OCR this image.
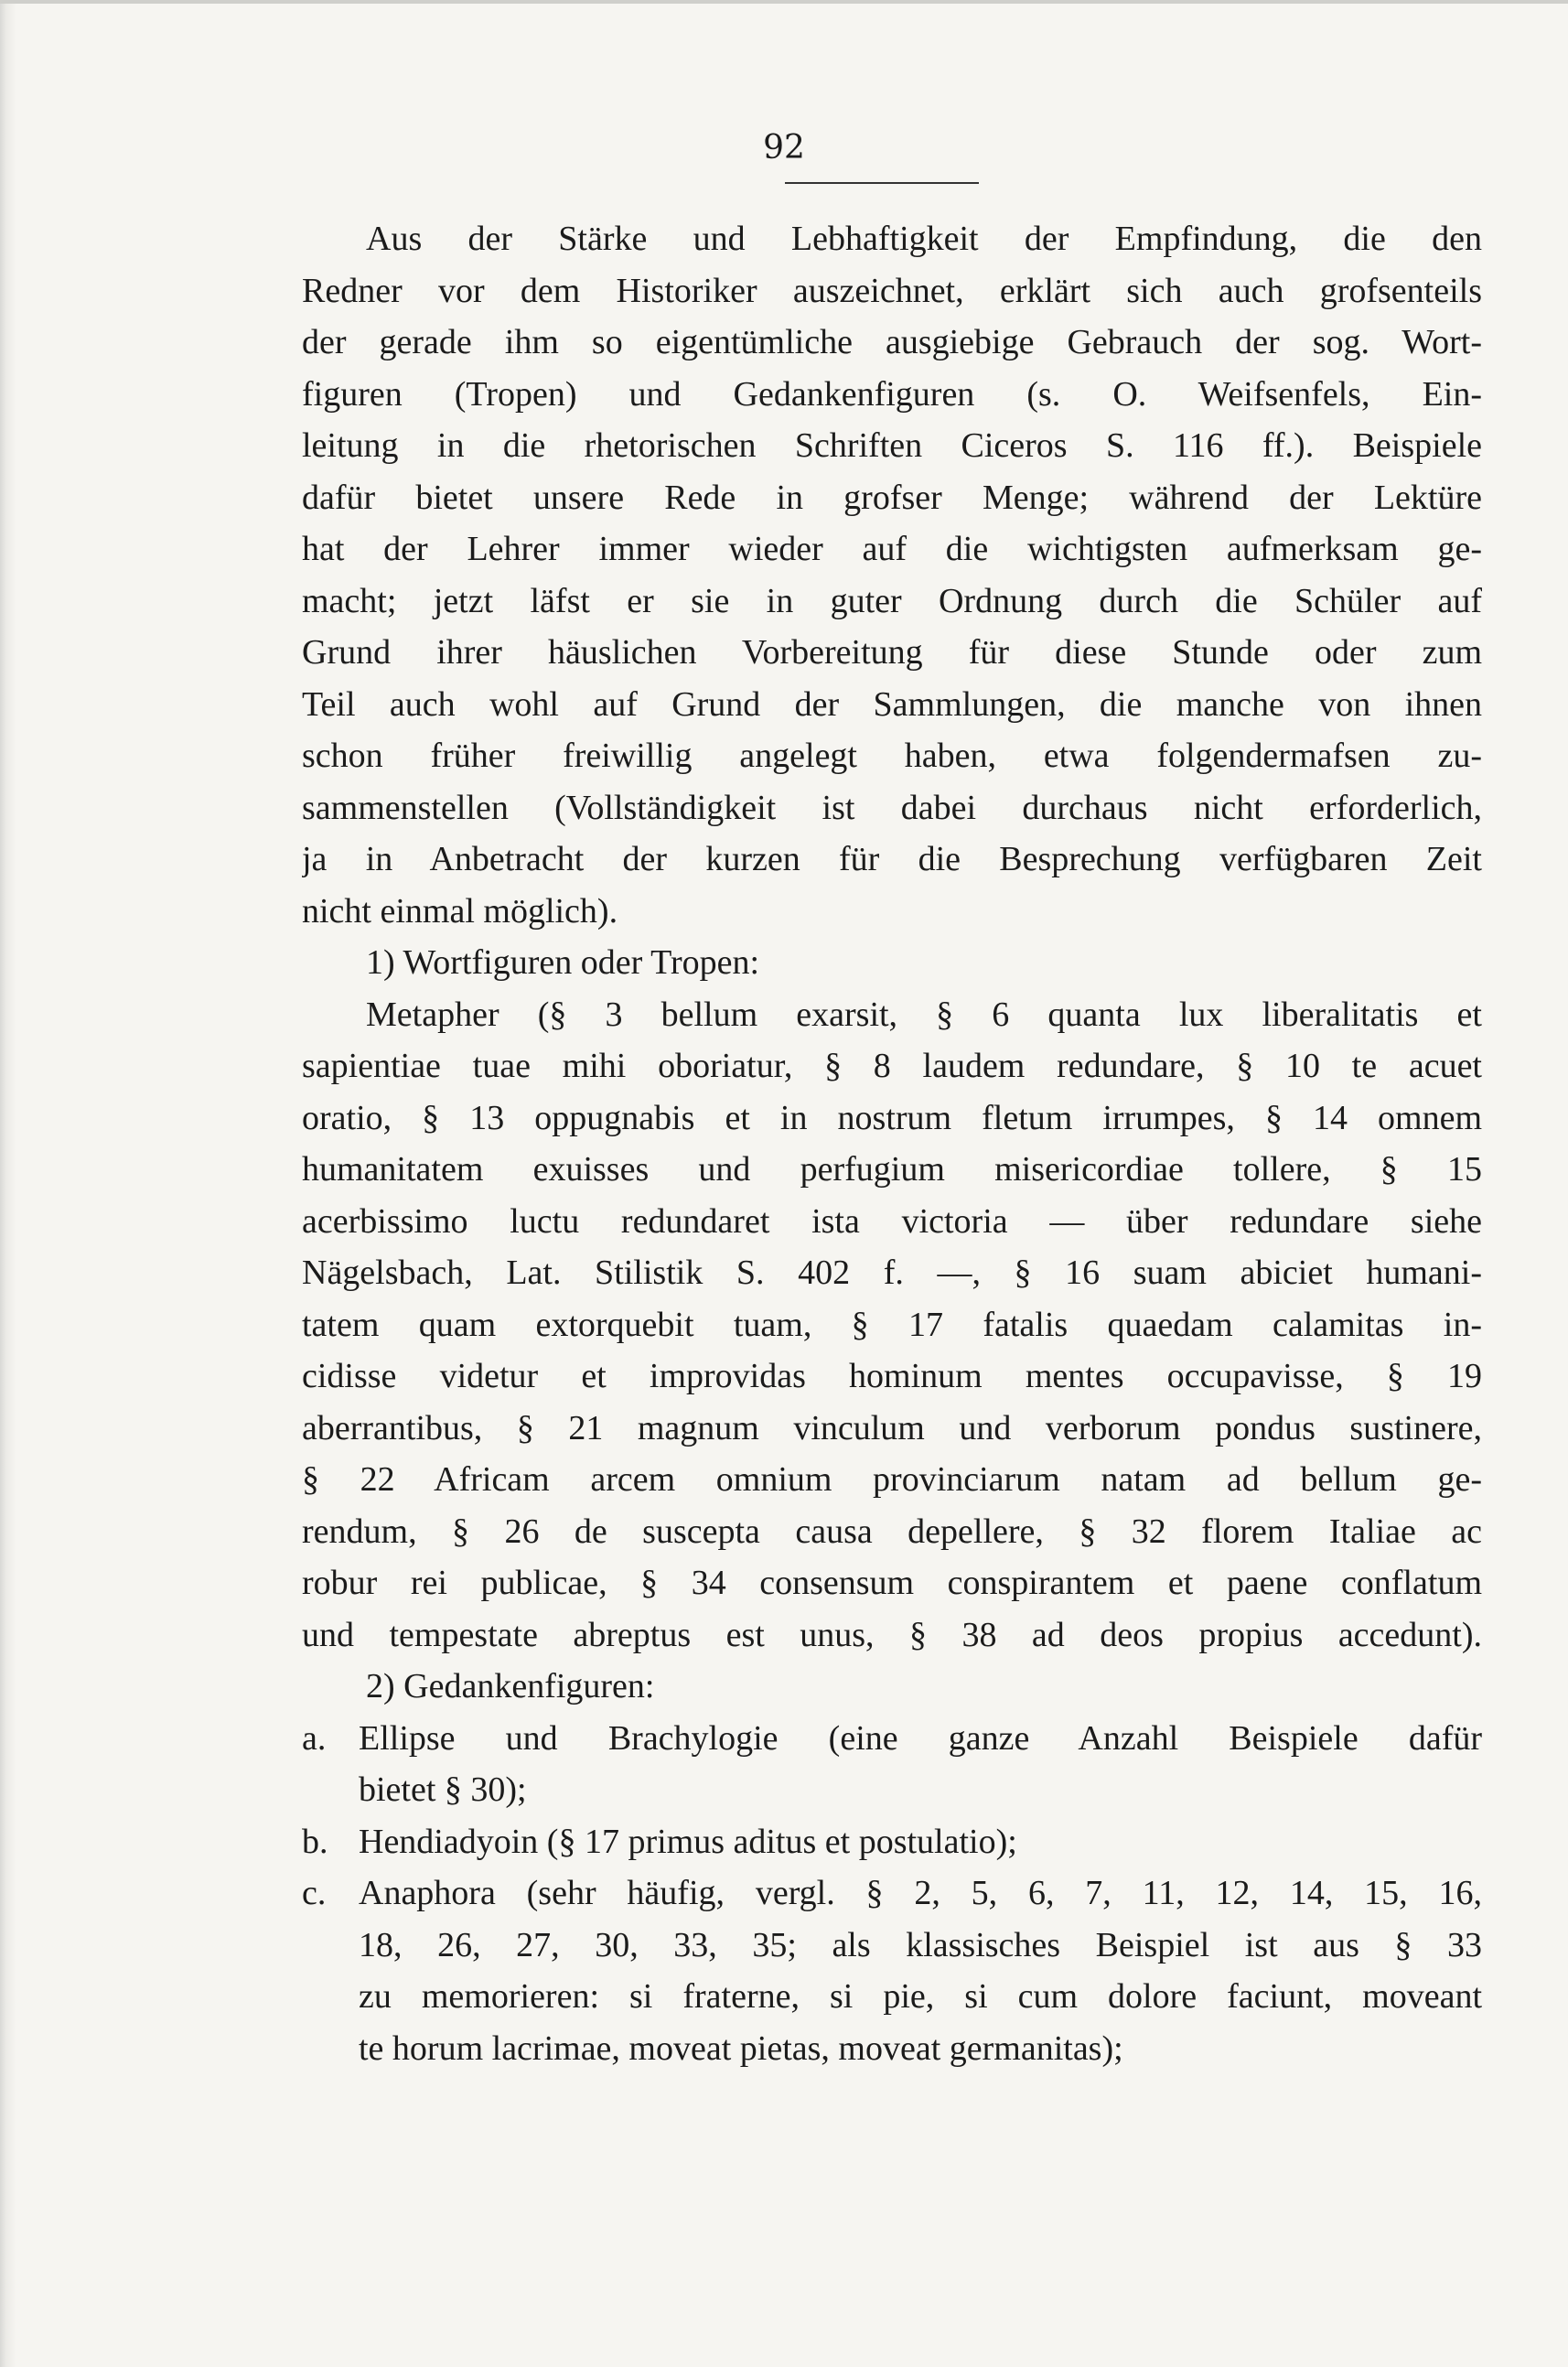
92
Aus der Stärke und Lebhaftigkeit der Empfindung, die den
Redner vor dem Historiker auszeichnet, erklärt sich auch grofsenteils
der gerade ihm so eigentümliche ausgiebige Gebrauch der sog. Wort-
figuren (Tropen) und Gedankenfiguren (s. O. Weifsenfels, Ein-
leitung in die rhetorischen Schriften Ciceros S. 116 ff.). Beispiele
dafür bietet unsere Rede in grofser Menge; während der Lektüre
hat der Lehrer immer wieder auf die wichtigsten aufmerksam ge-
macht; jetzt läfst er sie in guter Ordnung durch die Schüler auf
Grund ihrer häuslichen Vorbereitung für diese Stunde oder zum
Teil auch wohl auf Grund der Sammlungen, die manche von ihnen
schon früher freiwillig angelegt haben, etwa folgendermafsen zu-
sammenstellen (Vollständigkeit ist dabei durchaus nicht erforderlich,
ja in Anbetracht der kurzen für die Besprechung verfügbaren Zeit
nicht einmal möglich).
1) Wortfiguren oder Tropen:
Metapher (§ 3 bellum exarsit, § 6 quanta lux liberalitatis et
sapientiae tuae mihi oboriatur, § 8 laudem redundare, § 10 te acuet
oratio, § 13 oppugnabis et in nostrum fletum irrumpes, § 14 omnem
humanitatem exuisses und perfugium misericordiae tollere, § 15
acerbissimo luctu redundaret ista victoria — über redundare siehe
Nägelsbach, Lat. Stilistik S. 402 f. —, § 16 suam abiciet humani-
tatem quam extorquebit tuam, § 17 fatalis quaedam calamitas in-
cidisse videtur et improvidas hominum mentes occupavisse, § 19
aberrantibus, § 21 magnum vinculum und verborum pondus sustinere,
§ 22 Africam arcem omnium provinciarum natam ad bellum ge-
rendum, § 26 de suscepta causa depellere, § 32 florem Italiae ac
robur rei publicae, § 34 consensum conspirantem et paene conflatum
und tempestate abreptus est unus, § 38 ad deos propius accedunt).
2) Gedankenfiguren:
a. Ellipse und Brachylogie (eine ganze Anzahl Beispiele dafür
bietet § 30);
b. Hendiadyoin (§ 17 primus aditus et postulatio);
c. Anaphora (sehr häufig, vergl. § 2, 5, 6, 7, 11, 12, 14, 15, 16,
18, 26, 27, 30, 33, 35; als klassisches Beispiel ist aus § 33
zu memorieren: si fraterne, si pie, si cum dolore faciunt, moveant
te horum lacrimae, moveat pietas, moveat germanitas);
